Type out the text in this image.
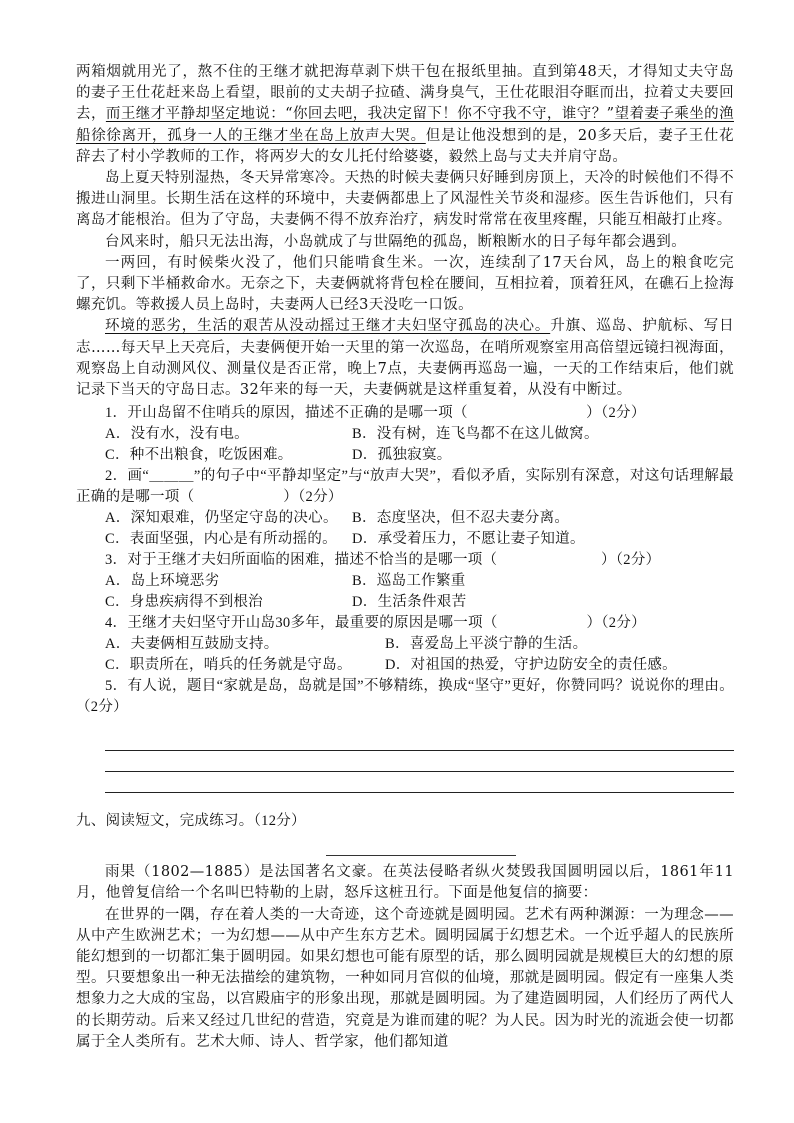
两箱烟就用光了，熬不住的王继才就把海草剥下烘干包在报纸里抽。直到第48天，才得知丈夫守岛的妻子王仕花赶来岛上看望，眼前的丈夫胡子拉碴、满身臭气，王仕花眼泪夺眶而出，拉着丈夫要回去，而王继才平静却坚定地说：“你回去吧，我决定留下！你不守我不守，谁守？”望着妻子乘坐的渔船徐徐离开，孤身一人的王继才坐在岛上放声大哭。但是让他没想到的是，20多天后，妻子王仕花辞去了村小学教师的工作，将两岁大的女儿托付给婆婆，毅然上岛与丈夫并肩守岛。

岛上夏天特别湿热，冬天异常寒冷。天热的时候夫妻俩只好睡到房顶上，天冷的时候他们不得不搬进山洞里。长期生活在这样的环境中，夫妻俩都患上了风湿性关节炎和湿疹。医生告诉他们，只有离岛才能根治。但为了守岛，夫妻俩不得不放弃治疗，病发时常常在夜里疼醒，只能互相敲打止疼。

台风来时，船只无法出海，小岛就成了与世隔绝的孤岛，断粮断水的日子每年都会遇到。

一两回，有时候柴火没了，他们只能啃食生米。一次，连续刮了17天台风，岛上的粮食吃完了，只剩下半桶救命水。无奈之下，夫妻俩就将背包栓在腰间，互相拉着，顶着狂风，在礁石上捡海螺充饥。等救援人员上岛时，夫妻两人已经3天没吃一口饭。

环境的恶劣，生活的艰苦从没动摇过王继才夫妇坚守孤岛的决心。升旗、巡岛、护航标、写日志……每天早上天亮后，夫妻俩便开始一天里的第一次巡岛，在哨所观察室用高倍望远镜扫视海面，观察岛上自动测风仪、测量仪是否正常，晚上7点，夫妻俩再巡岛一遍，一天的工作结束后，他们就记录下当天的守岛日志。32年来的每一天，夫妻俩就是这样重复着，从没有中断过。

1．开山岛留不住哨兵的原因，描述不正确的是哪一项（　　　　　　　　）（2分）

A．没有水，没有电。	B．没有树，连飞鸟都不在这儿做窝。
C．种不出粮食，吃饭困难。	D．孤独寂寞。

2．画“＿＿＿”的句子中“平静却坚定”与“放声大哭”，看似矛盾，实际别有深意，对这句话理解最正确的是哪一项（　　　　　　）（2分）

A．深知艰难，仍坚定守岛的决心。 B．态度坚决，但不忍夫妻分离。
C．表面坚强，内心是有所动摇的。	D．承受着压力，不愿让妻子知道。

3．对于王继才夫妇所面临的困难，描述不恰当的是哪一项（　　　　　　　）（2分）

A．岛上环境恶劣	B．巡岛工作繁重
C．身患疾病得不到根治	D．生活条件艰苦

4．王继才夫妇坚守开山岛30多年，最重要的原因是哪一项（　　　　　　）（2分）

A．夫妻俩相互鼓励支持。	B．喜爱岛上平淡宁静的生活。
C．职责所在，哨兵的任务就是守岛。	D．对祖国的热爱，守护边防安全的责任感。

5．有人说，题目“家就是岛，岛就是国”不够精练，换成“坚守”更好，你赞同吗？说说你的理由。（2分）

九、阅读短文，完成练习。（12分）

雨果（1802—1885）是法国著名文豪。在英法侵略者纵火焚毁我国圆明园以后，1861年11月，他曾复信给一个名叫巴特勒的上尉，怒斥这桩丑行。下面是他复信的摘要：

在世界的一隅，存在着人类的一大奇迹，这个奇迹就是圆明园。艺术有两种渊源：一为理念——从中产生欧洲艺术；一为幻想——从中产生东方艺术。圆明园属于幻想艺术。一个近乎超人的民族所能幻想到的一切都汇集于圆明园。如果幻想也可能有原型的话，那么圆明园就是规模巨大的幻想的原型。只要想象出一种无法描绘的建筑物，一种如同月宫似的仙境，那就是圆明园。假定有一座集人类想象力之大成的宝岛，以宫殿庙宇的形象出现，那就是圆明园。为了建造圆明园，人们经历了两代人的长期劳动。后来又经过几世纪的营造，究竟是为谁而建的呢？为人民。因为时光的流逝会使一切都属于全人类所有。艺术大师、诗人、哲学家，他们都知道
